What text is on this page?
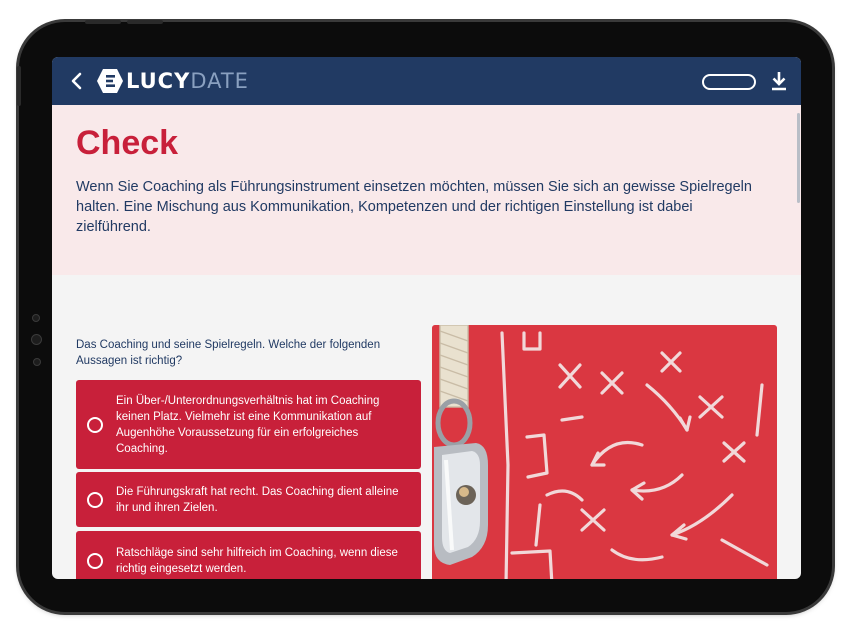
LUCYDATE
Check

Wenn Sie Coaching als Führungsinstrument einsetzen möchten, müssen Sie sich an gewisse Spielregeln halten. Eine Mischung aus Kommunikation, Kompetenzen und der richtigen Einstellung ist dabei zielführend.

Das Coaching und seine Spielregeln. Welche der folgenden Aussagen ist richtig?

Ein Über-/Unterordnungsverhältnis hat im Coaching keinen Platz. Vielmehr ist eine Kommunikation auf Augenhöhe Voraussetzung für ein erfolgreiches Coaching.
Die Führungskraft hat recht. Das Coaching dient alleine ihr und ihren Zielen.
Ratschläge sind sehr hilfreich im Coaching, wenn diese richtig eingesetzt werden.
